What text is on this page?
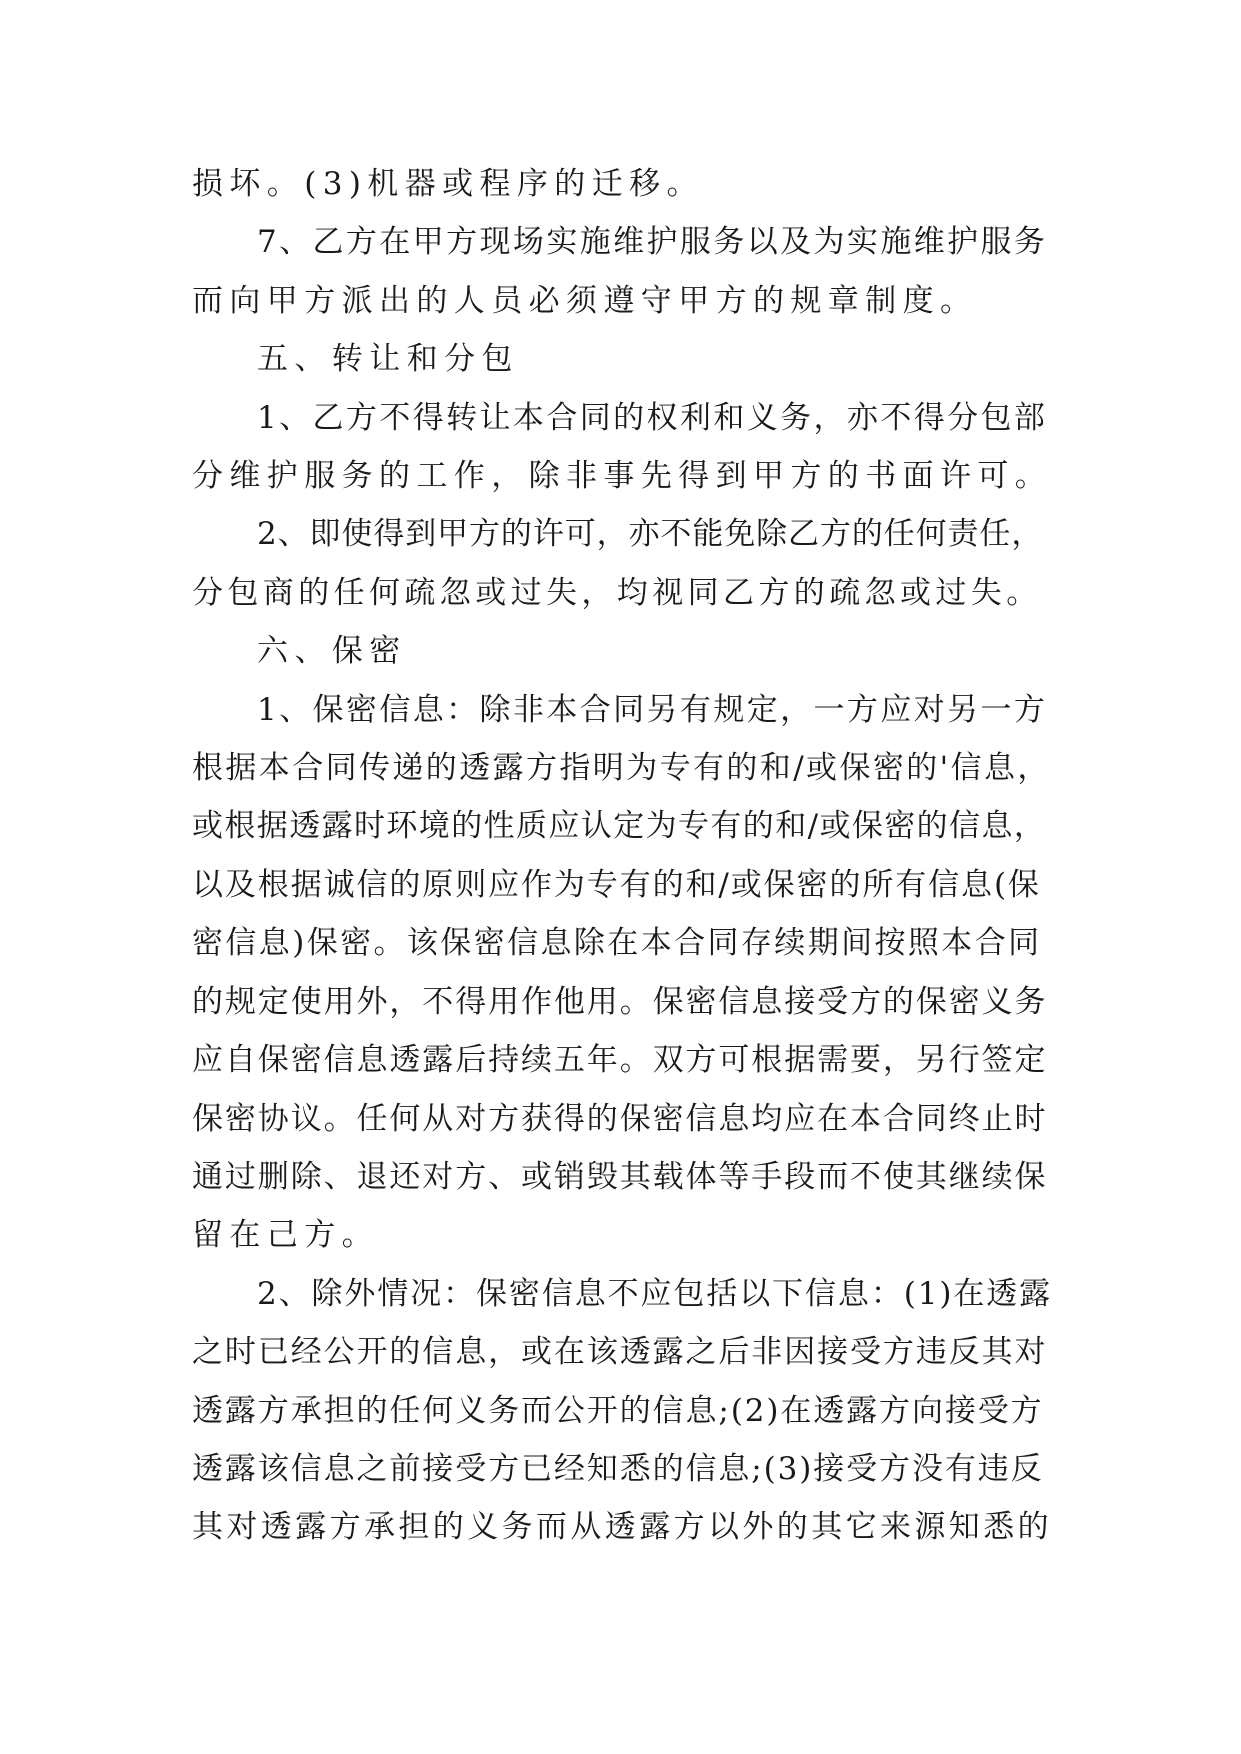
损坏。(3)机器或程序的迁移。

7、乙方在甲方现场实施维护服务以及为实施维护服务

而向甲方派出的人员必须遵守甲方的规章制度。

五、转让和分包

1、乙方不得转让本合同的权利和义务，亦不得分包部

分维护服务的工作，除非事先得到甲方的书面许可。

2、即使得到甲方的许可，亦不能免除乙方的任何责任，

分包商的任何疏忽或过失，均视同乙方的疏忽或过失。

六、保密

1、保密信息：除非本合同另有规定，一方应对另一方

根据本合同传递的透露方指明为专有的和/或保密的'信息，

或根据透露时环境的性质应认定为专有的和/或保密的信息，

以及根据诚信的原则应作为专有的和/或保密的所有信息(保

密信息)保密。该保密信息除在本合同存续期间按照本合同

的规定使用外，不得用作他用。保密信息接受方的保密义务

应自保密信息透露后持续五年。双方可根据需要，另行签定

保密协议。任何从对方获得的保密信息均应在本合同终止时

通过删除、退还对方、或销毁其载体等手段而不使其继续保

留在己方。

2、除外情况：保密信息不应包括以下信息：(1)在透露

之时已经公开的信息，或在该透露之后非因接受方违反其对

透露方承担的任何义务而公开的信息;(2)在透露方向接受方

透露该信息之前接受方已经知悉的信息;(3)接受方没有违反

其对透露方承担的义务而从透露方以外的其它来源知悉的
